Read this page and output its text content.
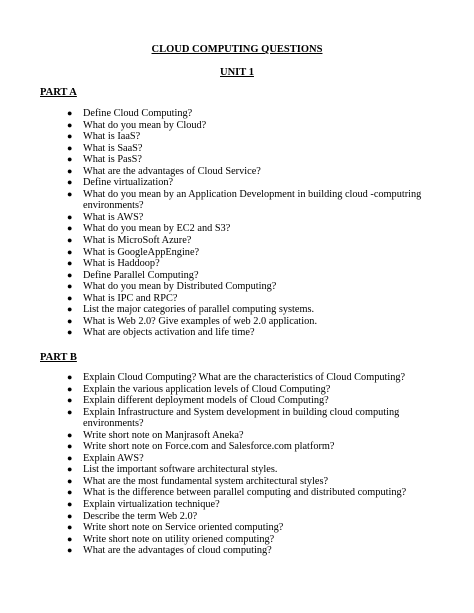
CLOUD COMPUTING QUESTIONS
UNIT 1
PART A
● Define Cloud Computing?
● What do you mean by Cloud?
● What is IaaS?
● What is SaaS?
● What is PasS?
● What are the advantages of Cloud Service?
● Define virtualization?
● What do you mean by an Application Development in building cloud -computring environments?
● What is AWS?
● What do you mean by EC2 and S3?
● What is MicroSoft Azure?
● What is GoogleAppEngine?
● What is Haddoop?
● Define Parallel Computing?
● What do you mean by Distributed Computing?
● What is IPC and RPC?
● List the major categories of parallel computing systems.
● What is Web 2.0? Give examples of web 2.0 application.
● What are objects activation and life time?
PART B
● Explain Cloud Computing? What are the characteristics of Cloud Computing?
● Explain the various application levels of Cloud Computing?
● Explain different deployment models of Cloud Computing?
● Explain Infrastructure and System development in building cloud computing environments?
● Write short note on Manjrasoft Aneka?
● Write short note on Force.com and Salesforce.com platform?
● Explain AWS?
● List the important software architectural styles.
● What are the most fundamental system architectural styles?
● What is the difference between parallel computing and distributed computing?
● Explain virtualization technique?
● Describe the term Web 2.0?
● Write short note on Service oriented computing?
● Write short note on utility oriened computing?
● What are the advantages of cloud computing?
